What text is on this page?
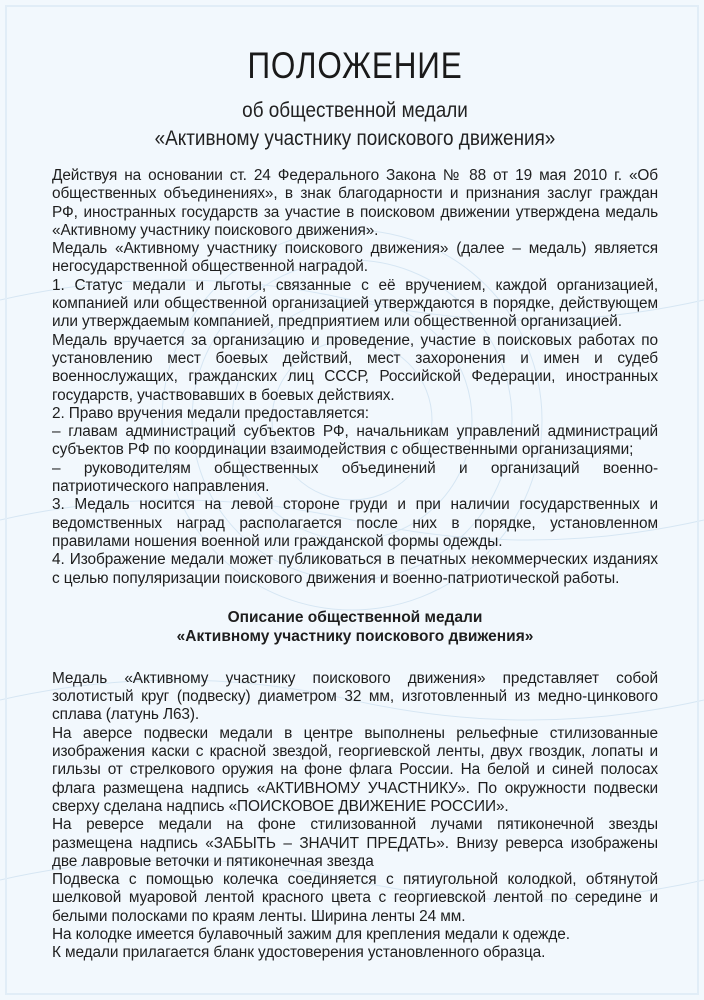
ПОЛОЖЕНИЕ
об общественной медали
«Активному участнику поискового движения»

Действуя на основании ст. 24 Федерального Закона № 88 от 19 мая 2010 г. «Об общественных объединениях», в знак благодарности и признания заслуг граждан РФ, иностранных государств за участие в поисковом движении утверждена медаль «Активному участнику поискового движения».

Медаль «Активному участнику поискового движения» (далее – медаль) является негосударственной общественной наградой.

1. Статус медали и льготы, связанные с её вручением, каждой организацией, компанией или общественной организацией утверждаются в порядке, действующем или утверждаемым компанией, предприятием или общественной организацией.

Медаль вручается за организацию и проведение, участие в поисковых работах по установлению мест боевых действий, мест захоронения и имен и судеб военнослужащих, гражданских лиц СССР, Российской Федерации, иностранных государств, участвовавших в боевых действиях.

2. Право вручения медали предоставляется:

– главам администраций субъектов РФ, начальникам управлений администраций субъектов РФ по координации взаимодействия с общественными организациями;

– руководителям общественных объединений и организаций военно-патриотического направления.

3. Медаль носится на левой стороне груди и при наличии государственных и ведомственных наград располагается после них в порядке, установленном правилами ношения военной или гражданской формы одежды.

4. Изображение медали может публиковаться в печатных некоммерческих изданиях с целью популяризации поискового движения и военно-патриотической работы.

Описание общественной медали
«Активному участнику поискового движения»

Медаль «Активному участнику поискового движения» представляет собой золотистый круг (подвеску) диаметром 32 мм, изготовленный из медно-цинкового сплава (латунь Л63).

На аверсе подвески медали в центре выполнены рельефные стилизованные изображения каски с красной звездой, георгиевской ленты, двух гвоздик, лопаты и гильзы от стрелкового оружия на фоне флага России. На белой и синей полосах флага размещена надпись «АКТИВНОМУ УЧАСТНИКУ». По окружности подвески сверху сделана надпись «ПОИСКОВОЕ ДВИЖЕНИЕ РОССИИ».

На реверсе медали на фоне стилизованной лучами пятиконечной звезды размещена надпись «ЗАБЫТЬ – ЗНАЧИТ ПРЕДАТЬ». Внизу реверса изображены две лавровые веточки и пятиконечная звезда

Подвеска с помощью колечка соединяется с пятиугольной колодкой, обтянутой шелковой муаровой лентой красного цвета с георгиевской лентой по середине и белыми полосками по краям ленты. Ширина ленты 24 мм.

На колодке имеется булавочный зажим для крепления медали к одежде.

К медали прилагается бланк удостоверения установленного образца.
